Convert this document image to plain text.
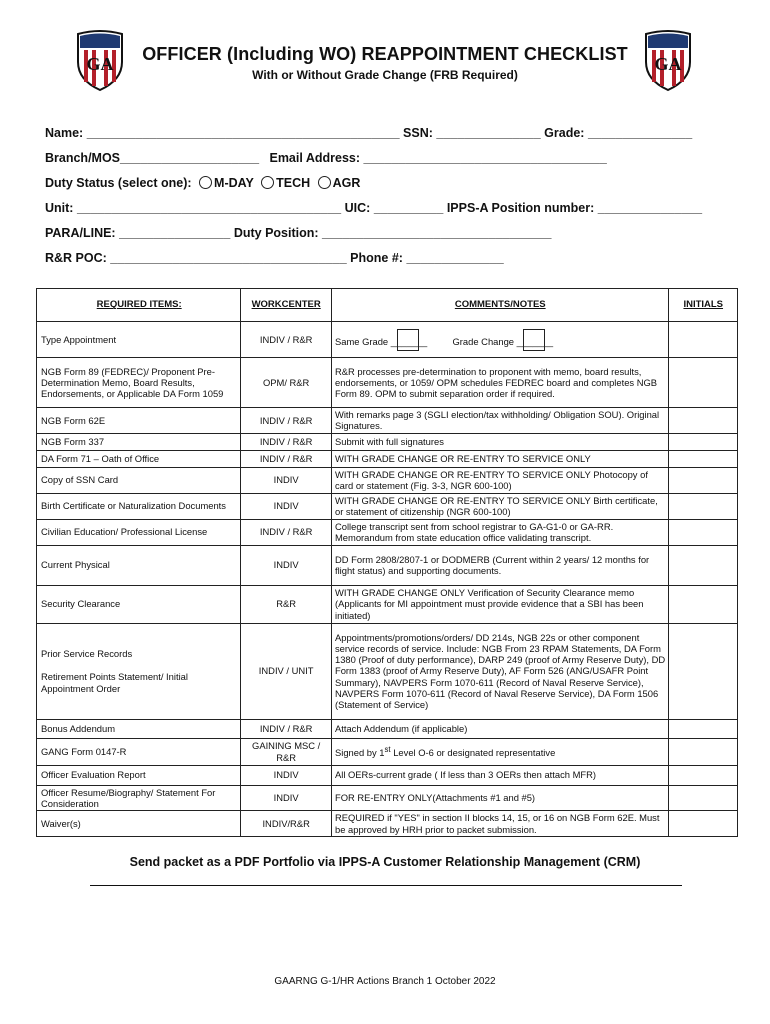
GA	GA
OFFICER (Including WO) REAPPOINTMENT CHECKLIST
With or Without Grade Change (FRB Required)
Name: _____________________________________________ SSN: _______________ Grade: _______________
Branch/MOS____________________ Email Address: ___________________________________
Duty Status (select one): M-DAY TECH AGR
Unit: ______________________________________ UIC: __________ IPPS-A Position number: _______________
PARA/LINE: ________________ Duty Position: _________________________________
R&R POC: __________________________________ Phone #: ______________
REQUIRED ITEMS:	WORKCENTER	COMMENTS/NOTES	INITIALS
Type Appointment	INDIV / R&R	Same Grade _______ Grade Change _______	
NGB Form 89 (FEDREC)/ Proponent Pre-Determination Memo, Board Results, Endorsements, or Applicable DA Form 1059	OPM/ R&R	R&R processes pre-determination to proponent with memo, board results, endorsements, or 1059/ OPM schedules FEDREC board and completes NGB Form 89. OPM to submit separation order if required.	
NGB Form 62E	INDIV / R&R	With remarks page 3 (SGLI election/tax withholding/ Obligation SOU). Original Signatures.	
NGB Form 337	INDIV / R&R	Submit with full signatures	
DA Form 71 – Oath of Office	INDIV / R&R	WITH GRADE CHANGE OR RE-ENTRY TO SERVICE ONLY	
Copy of SSN Card	INDIV	WITH GRADE CHANGE OR RE-ENTRY TO SERVICE ONLY Photocopy of card or statement (Fig. 3-3, NGR 600-100)	
Birth Certificate or Naturalization Documents	INDIV	WITH GRADE CHANGE OR RE-ENTRY TO SERVICE ONLY Birth certificate, or statement of citizenship (NGR 600-100)	
Civilian Education/ Professional License	INDIV / R&R	College transcript sent from school registrar to GA-G1-0 or GA-RR. Memorandum from state education office validating transcript.	
Current Physical	INDIV	DD Form 2808/2807-1 or DODMERB (Current within 2 years/ 12 months for flight status) and supporting documents.	
Security Clearance	R&R	WITH GRADE CHANGE ONLY Verification of Security Clearance memo (Applicants for MI appointment must provide evidence that a SBI has been initiated)	

Prior Service Records
Retirement Points Statement/ Initial Appointment Order	INDIV / UNIT	Appointments/promotions/orders/ DD 214s, NGB 22s or other component service records of service. Include: NGB From 23 RPAM Statements, DA Form 1380 (Proof of duty performance), DARP 249 (proof of Army Reserve Duty), DD Form 1383 (proof of Army Reserve Duty), AF Form 526 (ANG/USAFR Point Summary), NAVPERS Form 1070-611 (Record of Naval Reserve Service), NAVPERS Form 1070-611 (Record of Naval Reserve Service), DA Form 1506 (Statement of Service)	
Bonus Addendum	INDIV / R&R	Attach Addendum (if applicable)	
GANG Form 0147-R	GAINING MSC / R&R	Signed by 1st Level O-6 or designated representative	
Officer Evaluation Report	INDIV	All OERs-current grade ( If less than 3 OERs then attach MFR)	
Officer Resume/Biography/ Statement For Consideration	INDIV	FOR RE-ENTRY ONLY(Attachments #1 and #5)	
Waiver(s)	INDIV/R&R	REQUIRED if "YES" in section II blocks 14, 15, or 16 on NGB Form 62E. Must be approved by HRH prior to packet submission.	
Send packet as a PDF Portfolio via IPPS-A Customer Relationship Management (CRM)
GAARNG G-1/HR Actions Branch 1 October 2022
